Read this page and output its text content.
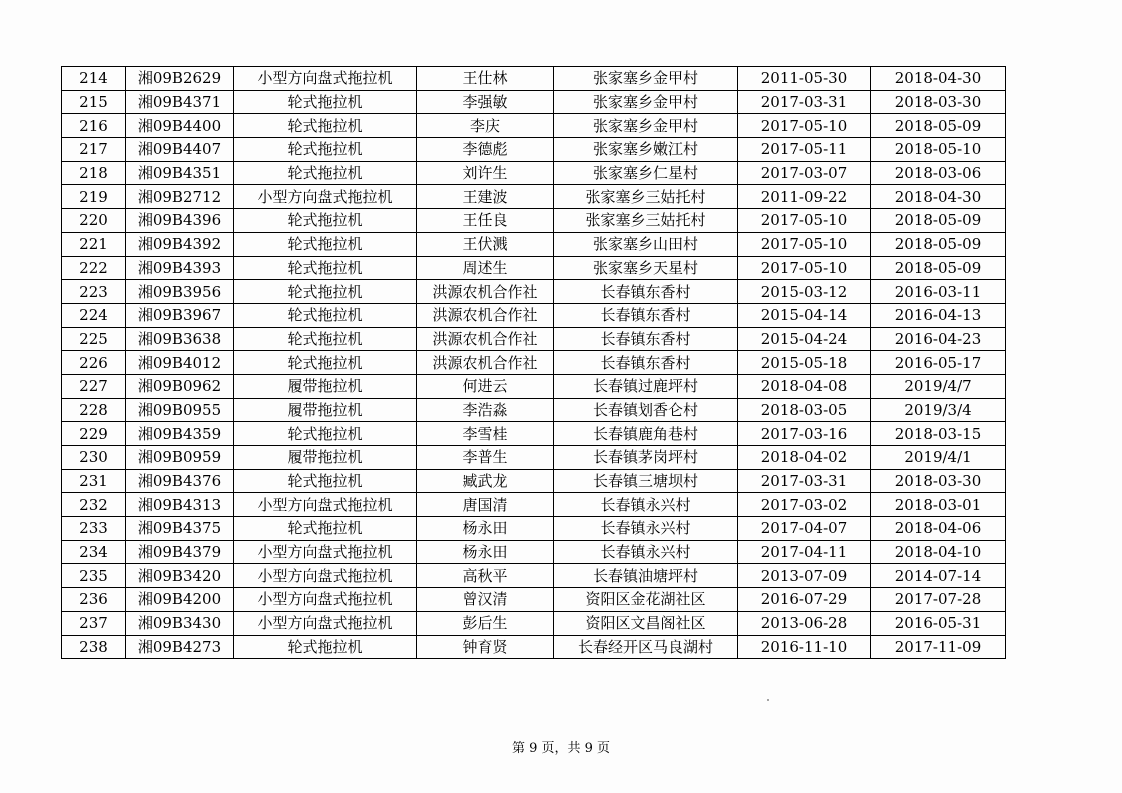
214	湘09B2629	小型方向盘式拖拉机	王仕林	张家塞乡金甲村	2011-05-30	2018-04-30
215	湘09B4371	轮式拖拉机	李强敏	张家塞乡金甲村	2017-03-31	2018-03-30
216	湘09B4400	轮式拖拉机	李庆	张家塞乡金甲村	2017-05-10	2018-05-09
217	湘09B4407	轮式拖拉机	李德彪	张家塞乡嫩江村	2017-05-11	2018-05-10
218	湘09B4351	轮式拖拉机	刘许生	张家塞乡仁星村	2017-03-07	2018-03-06
219	湘09B2712	小型方向盘式拖拉机	王建波	张家塞乡三姑托村	2011-09-22	2018-04-30
220	湘09B4396	轮式拖拉机	王任良	张家塞乡三姑托村	2017-05-10	2018-05-09
221	湘09B4392	轮式拖拉机	王伏溅	张家塞乡山田村	2017-05-10	2018-05-09
222	湘09B4393	轮式拖拉机	周述生	张家塞乡天星村	2017-05-10	2018-05-09
223	湘09B3956	轮式拖拉机	洪源农机合作社	长春镇东香村	2015-03-12	2016-03-11
224	湘09B3967	轮式拖拉机	洪源农机合作社	长春镇东香村	2015-04-14	2016-04-13
225	湘09B3638	轮式拖拉机	洪源农机合作社	长春镇东香村	2015-04-24	2016-04-23
226	湘09B4012	轮式拖拉机	洪源农机合作社	长春镇东香村	2015-05-18	2016-05-17
227	湘09B0962	履带拖拉机	何进云	长春镇过鹿坪村	2018-04-08	2019/4/7
228	湘09B0955	履带拖拉机	李浩淼	长春镇划香仑村	2018-03-05	2019/3/4
229	湘09B4359	轮式拖拉机	李雪桂	长春镇鹿角巷村	2017-03-16	2018-03-15
230	湘09B0959	履带拖拉机	李普生	长春镇茅岗坪村	2018-04-02	2019/4/1
231	湘09B4376	轮式拖拉机	臧武龙	长春镇三塘坝村	2017-03-31	2018-03-30
232	湘09B4313	小型方向盘式拖拉机	唐国清	长春镇永兴村	2017-03-02	2018-03-01
233	湘09B4375	轮式拖拉机	杨永田	长春镇永兴村	2017-04-07	2018-04-06
234	湘09B4379	小型方向盘式拖拉机	杨永田	长春镇永兴村	2017-04-11	2018-04-10
235	湘09B3420	小型方向盘式拖拉机	高秋平	长春镇油塘坪村	2013-07-09	2014-07-14
236	湘09B4200	小型方向盘式拖拉机	曾汉清	资阳区金花湖社区	2016-07-29	2017-07-28
237	湘09B3430	小型方向盘式拖拉机	彭后生	资阳区文昌阁社区	2013-06-28	2016-05-31
238	湘09B4273	轮式拖拉机	钟育贤	长春经开区马良湖村	2016-11-10	2017-11-09
第 9 页，共 9 页
